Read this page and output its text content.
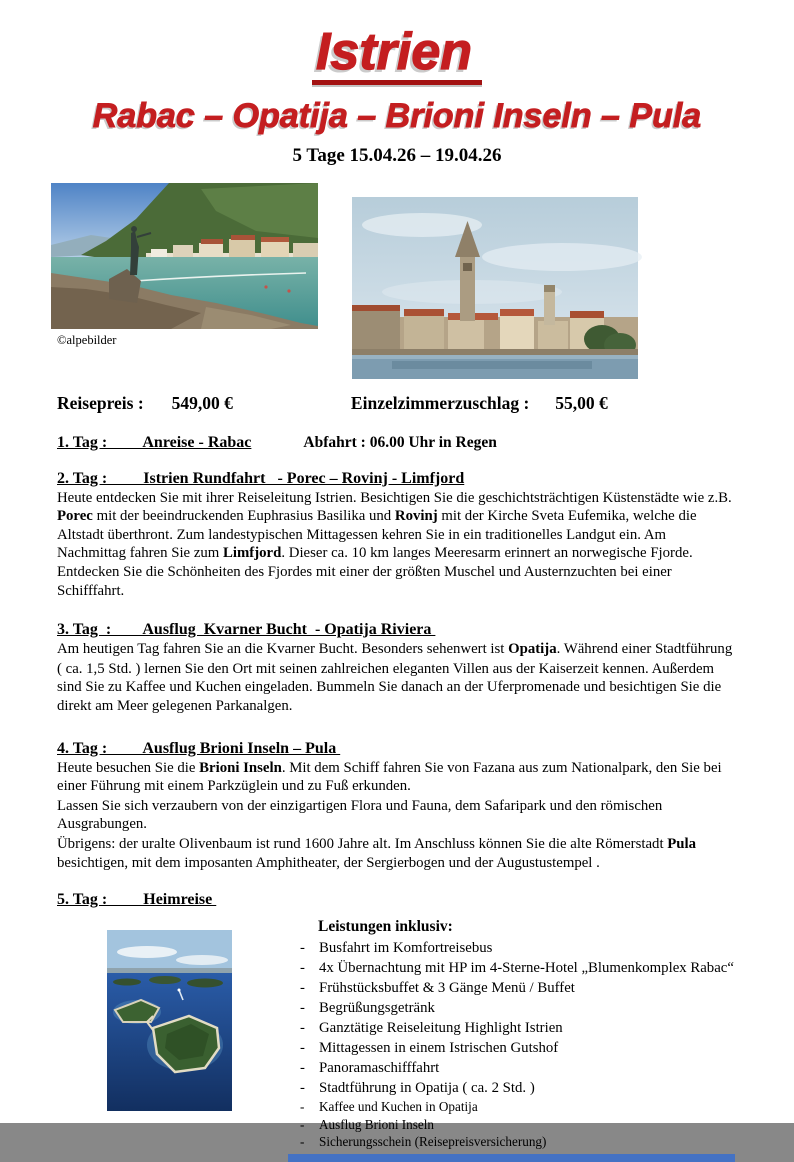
Istrien
Rabac – Opatija – Brioni Inseln – Pula
5 Tage 15.04.26 – 19.04.26
©alpebilder
Reisepreis : 549,00 €	Einzelzimmerzuschlag : 55,00 €
1. Tag :         Anreise - Rabac	Abfahrt : 06.00 Uhr in Regen
2. Tag :         Istrien Rundfahrt   - Porec – Rovinj - Limfjord
Heute entdecken Sie mit ihrer Reiseleitung Istrien. Besichtigen Sie die geschichtsträchtigen Küstenstädte wie z.B. Porec mit der beeindruckenden Euphrasius Basilika und Rovinj mit der Kirche Sveta Eufemika, welche die Altstadt überthront. Zum landestypischen Mittagessen kehren Sie in ein traditionelles Landgut ein. Am Nachmittag fahren Sie zum Limfjord. Dieser ca. 10 km langes Meeresarm erinnert an norwegische Fjorde. Entdecken Sie die Schönheiten des Fjordes mit einer der größten Muschel und Austernzuchten bei einer Schifffahrt.
3. Tag  :        Ausflug  Kvarner Bucht  - Opatija Riviera
Am heutigen Tag fahren Sie an die Kvarner Bucht. Besonders sehenwert ist Opatija. Während einer Stadtführung
( ca. 1,5 Std. ) lernen Sie den Ort mit seinen zahlreichen eleganten Villen aus der Kaiserzeit kennen. Außerdem sind Sie zu Kaffee und Kuchen eingeladen. Bummeln Sie danach an der Uferpromenade und besichtigen Sie die direkt am Meer gelegenen Parkanalgen.
4. Tag :         Ausflug Brioni Inseln – Pula
Heute besuchen Sie die Brioni Inseln. Mit dem Schiff fahren Sie von Fazana aus zum Nationalpark, den Sie bei einer Führung mit einem Parkzüglein und zu Fuß erkunden.
Lassen Sie sich verzaubern von der einzigartigen Flora und Fauna, dem Safaripark und den römischen Ausgrabungen.
Übrigens: der uralte Olivenbaum ist rund 1600 Jahre alt. Im Anschluss können Sie die alte Römerstadt Pula besichtigen, mit dem imposanten Amphitheater, der Sergierbogen und der Augustustempel .
5. Tag :         Heimreise
Leistungen inklusiv:
- Busfahrt im Komfortreisebus
- 4x Übernachtung mit HP im 4-Sterne-Hotel „Blumenkomplex Rabac“
- Frühstücksbuffet & 3 Gänge Menü / Buffet
- Begrüßungsgetränk
- Ganztätige Reiseleitung Highlight Istrien
- Mittagessen in einem Istrischen Gutshof
- Panoramaschifffahrt
- Stadtführung in Opatija ( ca. 2 Std. )
-	Kaffee und Kuchen in Opatija
-	Ausflug Brioni Inseln
-	Sicherungsschein (Reisepreisversicherung)
